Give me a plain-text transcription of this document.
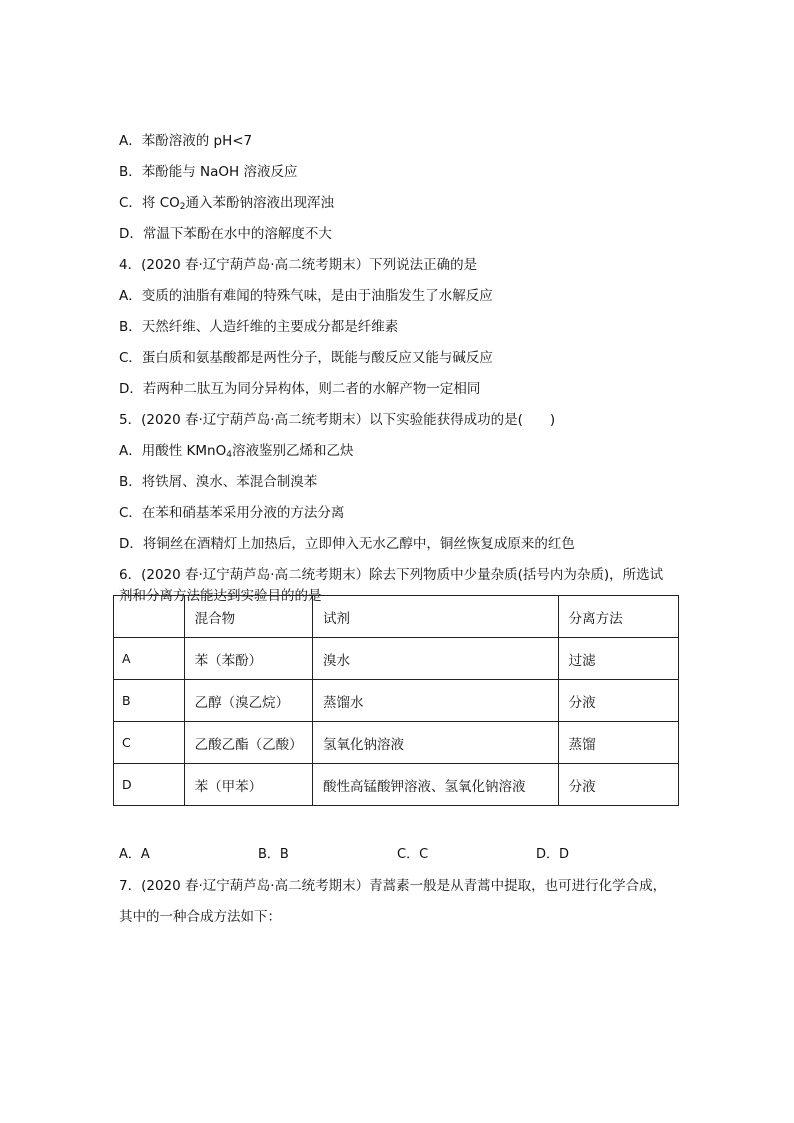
A．苯酚溶液的 pH<7
B．苯酚能与 NaOH 溶液反应
C．将 $CO_2$通入苯酚钠溶液出现浑浊
D．常温下苯酚在水中的溶解度不大
4．(2020 春·辽宁葫芦岛·高二统考期末）下列说法正确的是
A．变质的油脂有难闻的特殊气味，是由于油脂发生了水解反应
B．天然纤维、人造纤维的主要成分都是纤维素
C．蛋白质和氨基酸都是两性分子，既能与酸反应又能与碱反应
D．若两种二肽互为同分异构体，则二者的水解产物一定相同
5．(2020 春·辽宁葫芦岛·高二统考期末）以下实验能获得成功的是(　　)
A．用酸性 KMnO$_4$溶液鉴别乙烯和乙炔
B．将铁屑、溴水、苯混合制溴苯
C．在苯和硝基苯采用分液的方法分离
D．将铜丝在酒精灯上加热后，立即伸入无水乙醇中，铜丝恢复成原来的红色
6．(2020 春·辽宁葫芦岛·高二统考期末）除去下列物质中少量杂质(括号内为杂质)，所选试
剂和分离方法能达到实验目的的是
	混合物	试剂	分离方法
A	苯（苯酚）	溴水	过滤
B	乙醇（溴乙烷）	蒸馏水	分液
C	乙酸乙酯（乙酸）	氢氧化钠溶液	蒸馏
D	苯（甲苯）	酸性高锰酸钾溶液、氢氧化钠溶液	分液
A．A	B．B	C．C	D．D
7．(2020 春·辽宁葫芦岛·高二统考期末）青蒿素一般是从青蒿中提取，也可进行化学合成，
其中的一种合成方法如下：
